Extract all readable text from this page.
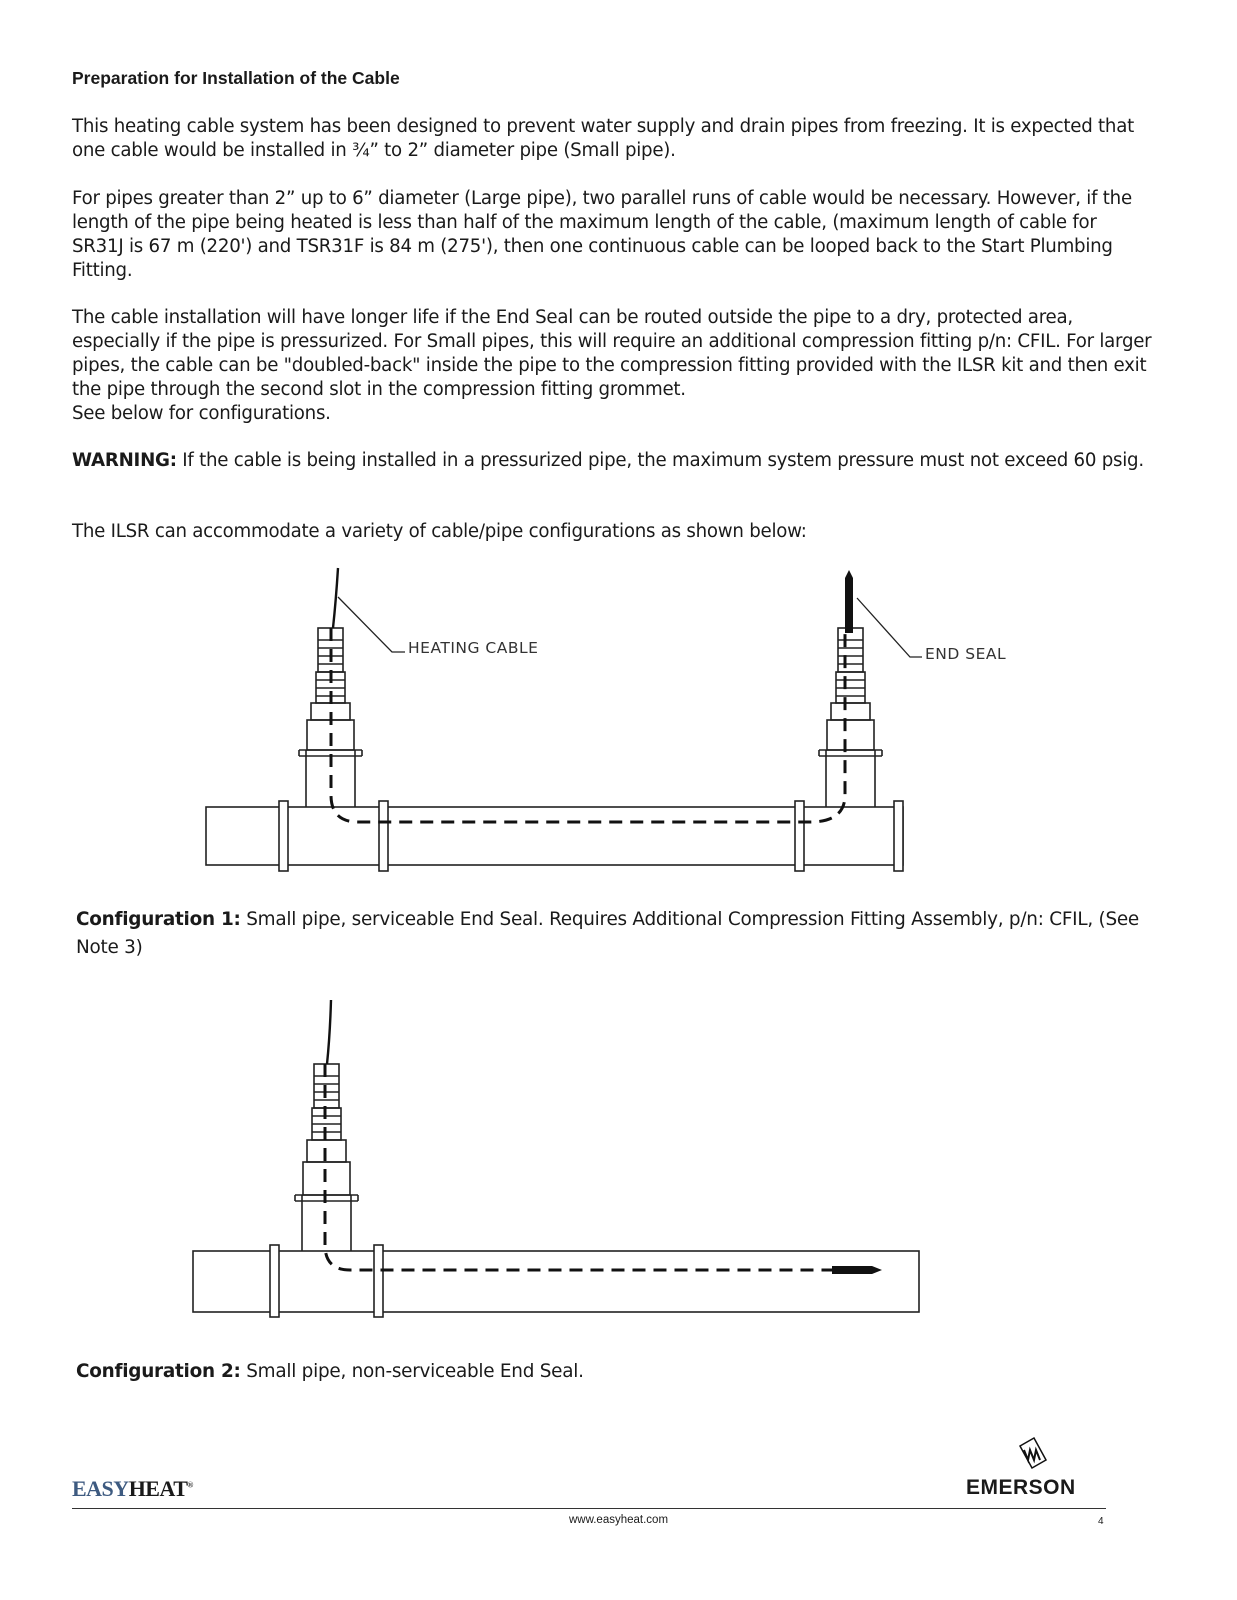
Preparation for Installation of the Cable

This heating cable system has been designed to prevent water supply and drain pipes from freezing. It is expected that one cable would be installed in ¾” to 2” diameter pipe (Small pipe).

For pipes greater than 2” up to 6” diameter (Large pipe), two parallel runs of cable would be necessary. However, if the length of the pipe being heated is less than half of the maximum length of the cable, (maximum length of cable for SR31J is 67 m (220') and TSR31F is 84 m (275'), then one continuous cable can be looped back to the Start Plumbing Fitting.

The cable installation will have longer life if the End Seal can be routed outside the pipe to a dry, protected area, especially if the pipe is pressurized. For Small pipes, this will require an additional compression fitting p/n: CFIL. For larger pipes, the cable can be "doubled-back" inside the pipe to the compression fitting provided with the ILSR kit and then exit the pipe through the second slot in the compression fitting grommet.

See below for configurations.

WARNING: If the cable is being installed in a pressurized pipe, the maximum system pressure must not exceed 60 psig.

The ILSR can accommodate a variety of cable/pipe configurations as shown below:

HEATING CABLE	END SEAL
Configuration 1: Small pipe, serviceable End Seal. Requires Additional Compression Fitting Assembly, p/n: CFIL, (See Note 3)
Configuration 2: Small pipe, non-serviceable End Seal.
EASYHEAT®	EMERSON
www.easyheat.com	4
